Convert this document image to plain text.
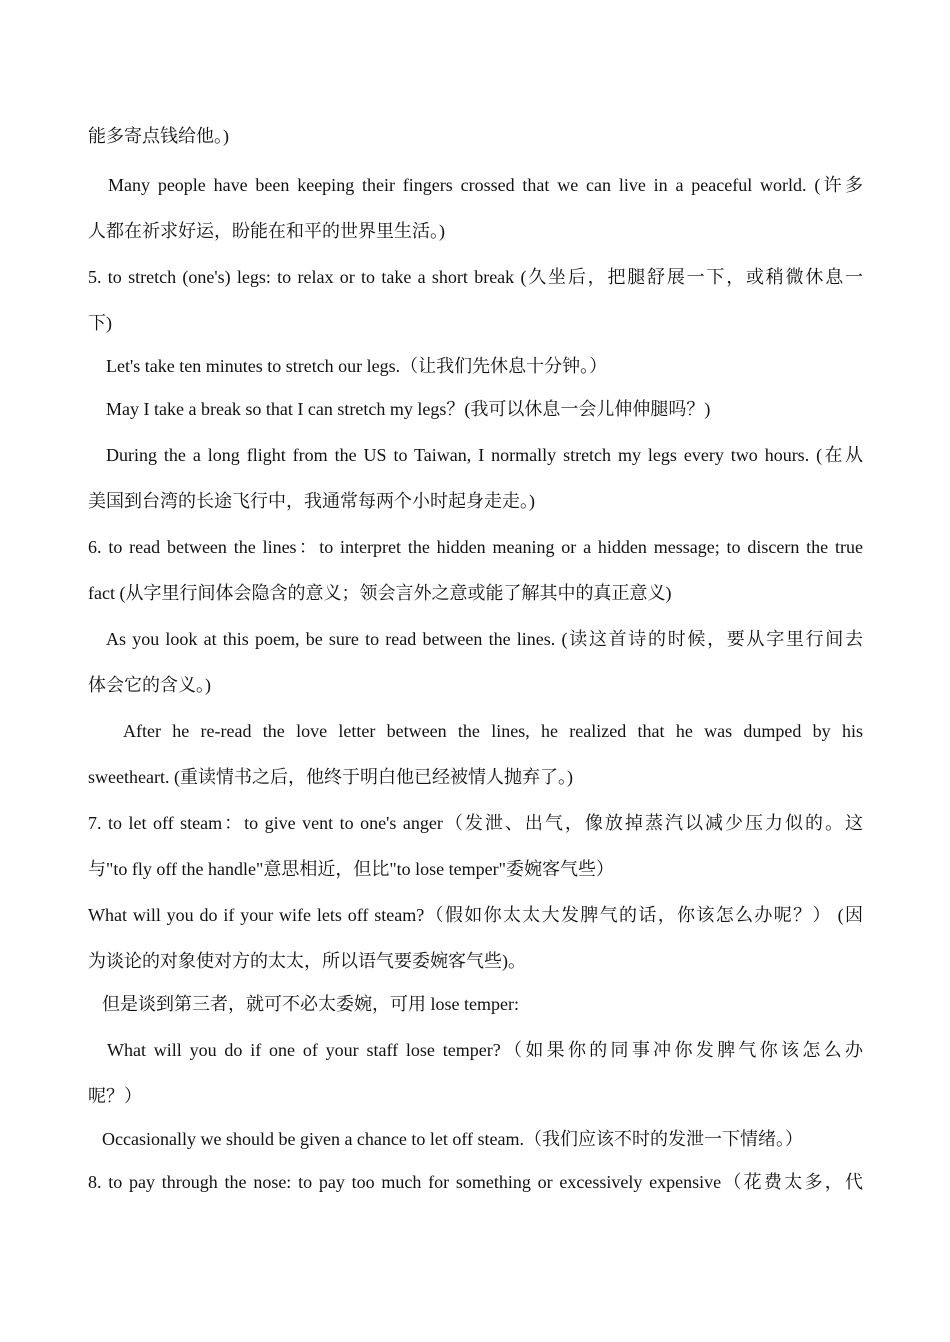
能多寄点钱给他。)

Many people have been keeping their fingers crossed that we can live in a peaceful world. (许多

人都在祈求好运，盼能在和平的世界里生活。)

5. to stretch (one's) legs: to relax or to take a short break (久坐后，把腿舒展一下，或稍微休息一

下)

Let's take ten minutes to stretch our legs.（让我们先休息十分钟。）

May I take a break so that I can stretch my legs？(我可以休息一会儿伸伸腿吗？)

During the a long flight from the US to Taiwan, I normally stretch my legs every two hours. (在从

美国到台湾的长途飞行中，我通常每两个小时起身走走。)

6. to read between the lines：to interpret the hidden meaning or a hidden message; to discern the true

fact (从字里行间体会隐含的意义；领会言外之意或能了解其中的真正意义)

As you look at this poem, be sure to read between the lines. (读这首诗的时候，要从字里行间去

体会它的含义。)

After he re-read the love letter between the lines, he realized that he was dumped by his

sweetheart. (重读情书之后，他终于明白他已经被情人抛弃了。)

7. to let off steam：to give vent to one's anger（发泄、出气，像放掉蒸汽以减少压力似的。这

与"to fly off the handle"意思相近，但比"to lose temper"委婉客气些）

What will you do if your wife lets off steam?（假如你太太大发脾气的话，你该怎么办呢？） (因

为谈论的对象使对方的太太，所以语气要委婉客气些)。

但是谈到第三者，就可不必太委婉，可用 lose temper:

What will you do if one of your staff lose temper?（如果你的同事冲你发脾气你该怎么办

呢？）

Occasionally we should be given a chance to let off steam.（我们应该不时的发泄一下情绪。）

8. to pay through the nose: to pay too much for something or excessively expensive（花费太多，代
